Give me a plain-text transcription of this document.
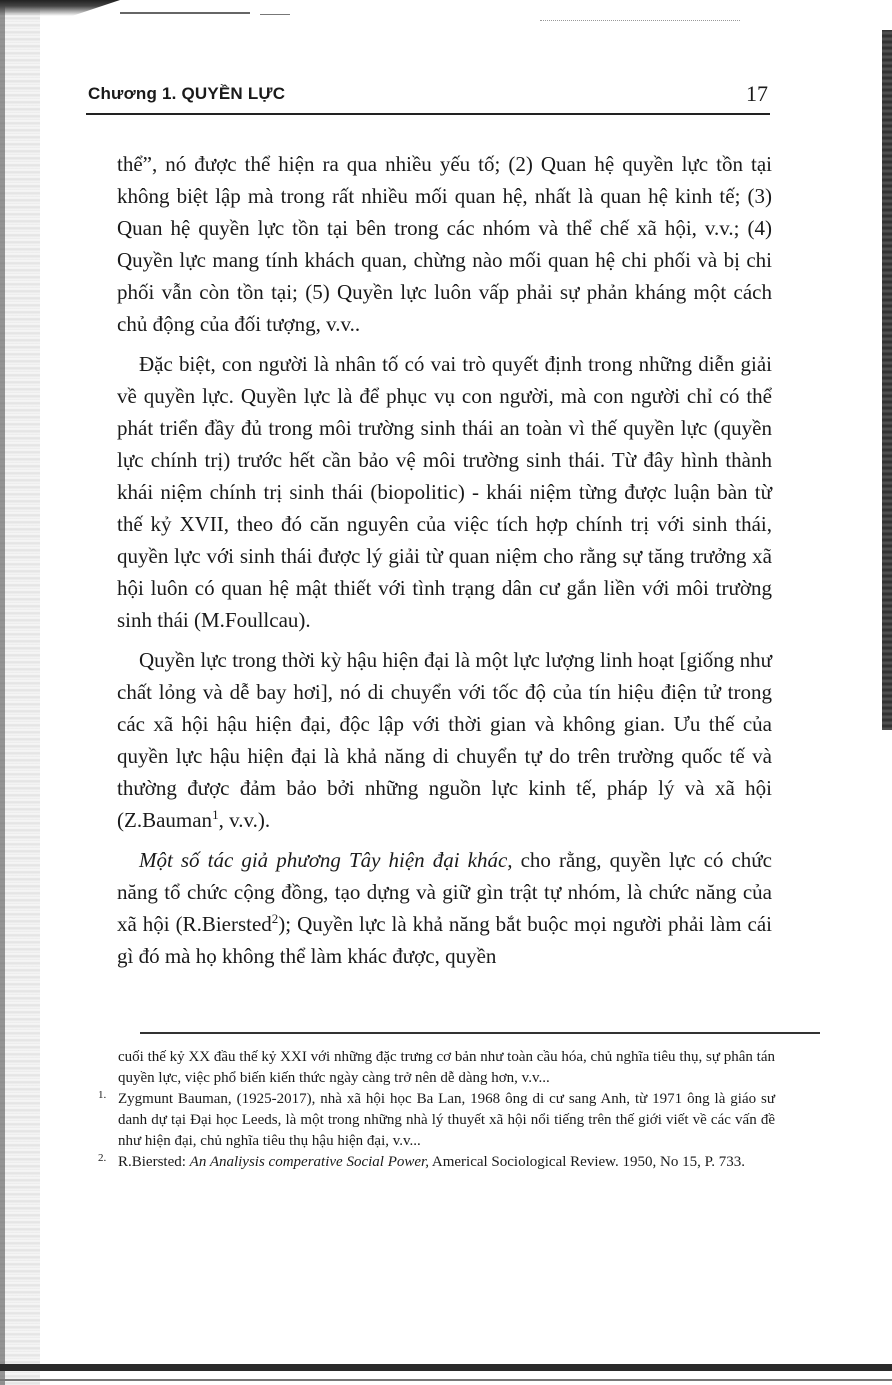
Chương 1. QUYỀN LỰC	17

thể”, nó được thể hiện ra qua nhiều yếu tố; (2) Quan hệ quyền lực tồn tại không biệt lập mà trong rất nhiều mối quan hệ, nhất là quan hệ kinh tế; (3) Quan hệ quyền lực tồn tại bên trong các nhóm và thể chế xã hội, v.v.; (4) Quyền lực mang tính khách quan, chừng nào mối quan hệ chi phối và bị chi phối vẫn còn tồn tại; (5) Quyền lực luôn vấp phải sự phản kháng một cách chủ động của đối tượng, v.v..

Đặc biệt, con người là nhân tố có vai trò quyết định trong những diễn giải về quyền lực. Quyền lực là để phục vụ con người, mà con người chỉ có thể phát triển đầy đủ trong môi trường sinh thái an toàn vì thế quyền lực (quyền lực chính trị) trước hết cần bảo vệ môi trường sinh thái. Từ đây hình thành khái niệm chính trị sinh thái (biopolitic) - khái niệm từng được luận bàn từ thế kỷ XVII, theo đó căn nguyên của việc tích hợp chính trị với sinh thái, quyền lực với sinh thái được lý giải từ quan niệm cho rằng sự tăng trưởng xã hội luôn có quan hệ mật thiết với tình trạng dân cư gắn liền với môi trường sinh thái (M.Foullcau).

Quyền lực trong thời kỳ hậu hiện đại là một lực lượng linh hoạt [giống như chất lỏng và dễ bay hơi], nó di chuyển với tốc độ của tín hiệu điện tử trong các xã hội hậu hiện đại, độc lập với thời gian và không gian. Ưu thế của quyền lực hậu hiện đại là khả năng di chuyển tự do trên trường quốc tế và thường được đảm bảo bởi những nguồn lực kinh tế, pháp lý và xã hội (Z.Bauman$^1$, v.v.).

Một số tác giả phương Tây hiện đại khác, cho rằng, quyền lực có chức năng tổ chức cộng đồng, tạo dựng và giữ gìn trật tự nhóm, là chức năng của xã hội (R.Biersted$^2$); Quyền lực là khả năng bắt buộc mọi người phải làm cái gì đó mà họ không thể làm khác được, quyền

cuối thế kỷ XX đầu thế kỷ XXI với những đặc trưng cơ bản như toàn cầu hóa, chủ nghĩa tiêu thụ, sự phân tán quyền lực, việc phổ biến kiến thức ngày càng trở nên dễ dàng hơn, v.v...

1. Zygmunt Bauman, (1925-2017), nhà xã hội học Ba Lan, 1968 ông di cư sang Anh, từ 1971 ông là giáo sư danh dự tại Đại học Leeds, là một trong những nhà lý thuyết xã hội nổi tiếng trên thế giới viết về các vấn đề như hiện đại, chủ nghĩa tiêu thụ hậu hiện đại, v.v...

2. R.Biersted: An Analiysis comperative Social Power, Americal Sociological Review. 1950, No 15, P. 733.
